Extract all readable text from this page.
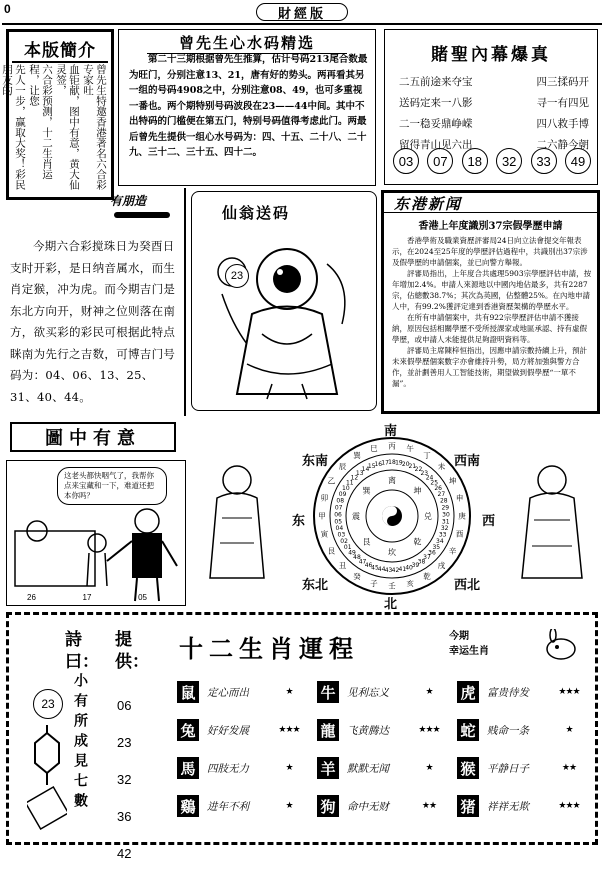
0	財經版
本版簡介
曾先生特邀香港著名六合彩专家吐
血钜献，图中有意，黄大仙灵签，
六合彩预测，十二生肖运程，让您
先人一步，赢取大奖！彩民朋友的
曾先生心水码精选
第二十三期根据曾先生推算，估计号码213尾合数最为旺门，分别注意13、21，唐有好的势头。两再看其另一组的号码4908之中，分别注意08、49，也可多重视一番也。两个期特别号码波段在23——44中间。其中不出特码的门槛便在第五门，特别号码值得考虑此门。两最后曾先生提供一组心水号码为：四、十五、二十八、二十九、三十二、三十五、四十二。
賭聖內幕爆真
二五前途来夺宝	四三揉码开
送码定来一八影	寻一有四见
二一稳妥鼎峥嵘	四八救手博
留得青山见六出	二六静今朝
03	07	18	32	33	49
有朋造
今期六合彩搅珠日为癸酉日支时开彩，是日纳音属水，而生肖定猴，冲为虎。而今期吉门是东北方向开，财神之位则落在南方，欲买彩的彩民可根据此特点眯南为先行之吉数，可博吉门号码为：04、06、13、25、31、40、44。
仙翁送码
23
东港新闻
香港上年度識別37宗假學歷申請

香港學術及職業資歷評審局24日向立法會提交年報表示，在2024至25年度的學歷評估過程中，共識別出37宗涉及假學歷的申請個案，並已向警方舉報。

評審局指出，上年度合共處理5903宗學歷評估申請，按年增加2.4%。申請人來源地以中國內地佔最多，共有2287宗，佔總數38.7%；其次為英國，佔整體25%。在內地申請人中，有99.2%獲評定達到香港資歷架構的學歷水平。

在所有申請個案中，共有922宗學歷評估申請不獲接納，原因包括相關學歷不受所授課家或地區承認、持有虛假學歷，或申請人未能提供足夠證明資料等。

評審局主席陳梓恒指出，因應申請宗數持續上升，預計未來假學歷個案數字亦會維持升勢，局方將加強與警方合作，並計劃善用人工智能技術，期望做到假學歷“一單不漏”。

圖中有意
这老头都快咽气了，我帮你点来宝藏和一下，难道还把本你吗？
26	17	05
丙 午
丁
未
坤
申
庚
酉
辛
戌
乾
亥
壬
子
癸
丑
艮
寅
甲
卯
乙
辰
巽
巳
18 19 20
21
22
23
24
25
26
27
28
29
30
31
32
33
34
35
36
37
38
39
40
41
42
43
44
45
46
47
48
49
01
02
03
04
05
06
07
08
09
10
11
12
13
14
15
16 17
离
坤
兑
乾
坎
艮
震
巽
南
北
东	西
东南	西南
东北	西北
詩曰：
23	小有所成見七數
提供：
06
23
32
36
42
十二生肖運程	今期
幸运生肖
鼠	定心而出	★	牛	见利忘义	★	虎	富贵待发	★★★
兔	好好发展	★★★	龍	飞黄腾达	★★★	蛇	贱命一条	★
馬	四肢无力	★	羊	默默无闻	★	猴	平静日子	★★
鷄	进年不利	★	狗	命中无财	★★	猪	祥祥无欺	★★★
